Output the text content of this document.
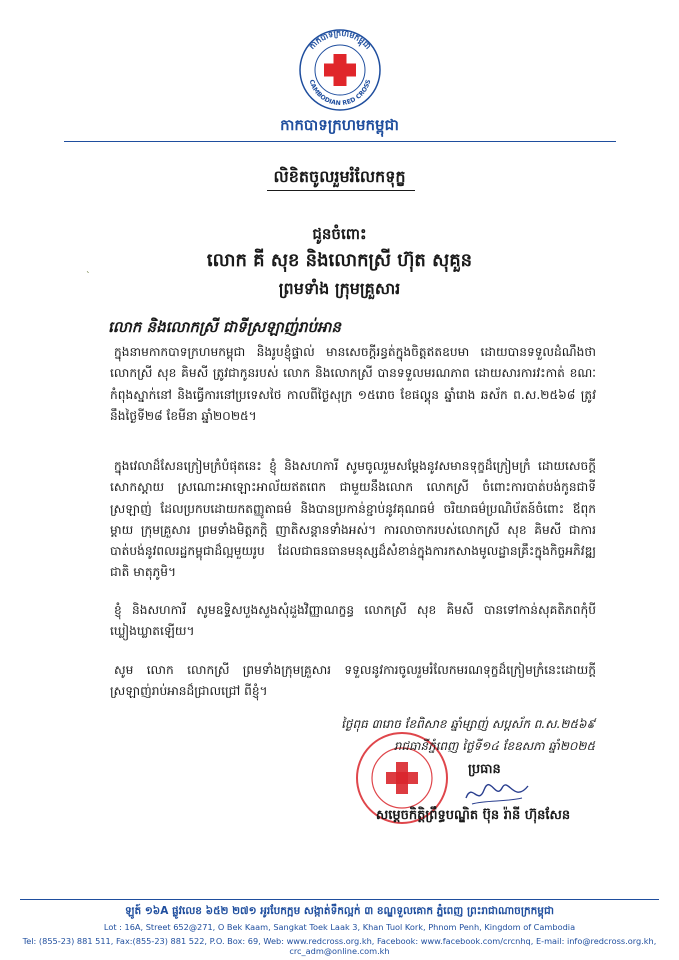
កាកបាទក្រហមកម្ពុជា
CAMBODIAN RED CROSS
កាកបាទក្រហមកម្ពុជា
លិខិតចូលរួមរំលែកទុក្ខ
ជូនចំពោះ
លោក គី សុខ និងលោកស្រី ហ៊ុត សុគួន
ព្រមទាំង ក្រុមគ្រួសារ
លោក និងលោកស្រី ជាទីស្រឡាញ់រាប់អាន
ក្នុងនាមកាកបាទក្រហមកម្ពុជា និងរូបខ្ញុំផ្ទាល់ មានសេចក្ដីរន្ធត់ក្នុងចិត្តឥតឧបមា ដោយបានទទួលដំណឹងថា លោកស្រី សុខ គិមសី ត្រូវជាកូនរបស់ លោក និងលោកស្រី បានទទួលមរណភាព ដោយសារការវះកាត់ ខណៈកំពុងស្នាក់នៅ និងធ្វើការនៅប្រទេសថៃ កាលពីថ្ងៃសុក្រ ១៥រោច ខែផល្គុន ឆ្នាំរោង ឆស័ក ព.ស.២៥៦៨ ត្រូវនឹងថ្ងៃទី២៨ ខែមីនា ឆ្នាំ២០២៥។
ក្នុងវេលាដ៏សែនក្រៀមក្រំបំផុតនេះ ខ្ញុំ និងសហការី សូមចូលរួមសម្ដែងនូវសមានទុក្ខដ៏ក្រៀមក្រំ ដោយសេចក្ដីសោកស្ដាយ ស្រណោះអាឡោះអាល័យឥតពេក ជាមួយនឹងលោក លោកស្រី ចំពោះការបាត់បង់កូនជាទីស្រឡាញ់ ដែលប្រកបដោយកតញ្ញូតាធម៌ និងបានប្រកាន់ខ្ជាប់នូវគុណធម៌ ចរិយាធម៌ប្រណិប័តន៍ចំពោះ ឪពុក ម្ដាយ ក្រុមគ្រួសារ ព្រមទាំងមិត្តភក្ដិ ញាតិសន្ដានទាំងអស់។ ការលាចាករបស់លោកស្រី សុខ គិមសី ជាការបាត់បង់នូវពលរដ្ឋកម្ពុជាដ៏ល្អមួយរូប ដែលជាធនធានមនុស្សដ៏សំខាន់ក្នុងការកសាងមូលដ្ឋានគ្រឹះក្នុងកិច្ចអភិវឌ្ឍជាតិ មាតុភូមិ។
ខ្ញុំ និងសហការី សូមឧទ្ទិសបួងសួងសុំដួងវិញ្ញាណក្ខន្ធ លោកស្រី សុខ គិមសី បានទៅកាន់សុគតិភពកុំបីឃ្លៀងឃ្លាតឡើយ។
សូម លោក លោកស្រី ព្រមទាំងក្រុមគ្រួសារ ទទួលនូវការចូលរួមរំលែកមរណទុក្ខដ៏ក្រៀមក្រំនេះដោយក្ដីស្រឡាញ់រាប់អានដ៏ជ្រាលជ្រៅ ពីខ្ញុំ។
ថ្ងៃពុធ ៣រោច ខែពិសាខ ឆ្នាំម្សាញ់ សប្តស័ក ព.ស.២៥៦៩
រាជធានីភ្នំពេញ ថ្ងៃទី១៤ ខែឧសភា ឆ្នាំ២០២៥
ប្រធាន
សម្ដេចកិត្តិព្រឹទ្ធបណ្ឌិត ប៊ុន រ៉ានី ហ៊ុនសែន
ˎ
ឡូត៍ ១៦A ផ្លូវលេខ ៦៥២ ២៧១ អូរបែកក្អម សង្កាត់ទឹកល្អក់ ៣ ខណ្ឌទួលគោក ភ្នំពេញ ព្រះរាជាណាចក្រកម្ពុជា
Lot : 16A, Street 652@271, O Bek Kaam, Sangkat Toek Laak 3, Khan Tuol Kork, Phnom Penh, Kingdom of Cambodia
Tel: (855-23) 881 511, Fax:(855-23) 881 522, P.O. Box: 69, Web: www.redcross.org.kh, Facebook: www.facebook.com/crcnhq, E-mail: info@redcross.org.kh, crc_adm@online.com.kh
